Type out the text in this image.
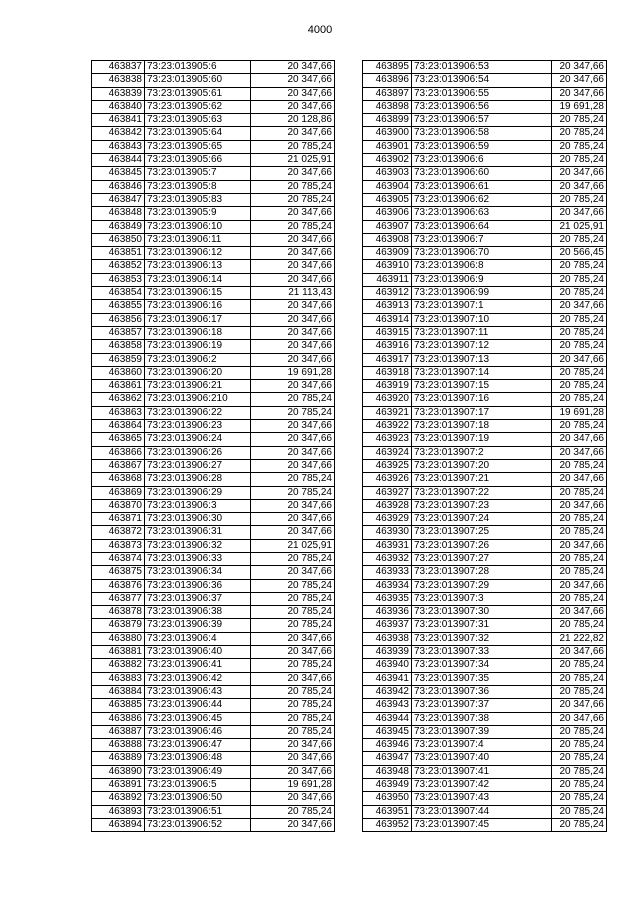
4000
463837	73:23:013905:6	20 347,66
463838	73:23:013905:60	20 347,66
463839	73:23:013905:61	20 347,66
463840	73:23:013905:62	20 347,66
463841	73:23:013905:63	20 128,86
463842	73:23:013905:64	20 347,66
463843	73:23:013905:65	20 785,24
463844	73:23:013905:66	21 025,91
463845	73:23:013905:7	20 347,66
463846	73:23:013905:8	20 785,24
463847	73:23:013905:83	20 785,24
463848	73:23:013905:9	20 347,66
463849	73:23:013906:10	20 785,24
463850	73:23:013906:11	20 347,66
463851	73:23:013906:12	20 347,66
463852	73:23:013906:13	20 347,66
463853	73:23:013906:14	20 347,66
463854	73:23:013906:15	21 113,43
463855	73:23:013906:16	20 347,66
463856	73:23:013906:17	20 347,66
463857	73:23:013906:18	20 347,66
463858	73:23:013906:19	20 347,66
463859	73:23:013906:2	20 347,66
463860	73:23:013906:20	19 691,28
463861	73:23:013906:21	20 347,66
463862	73:23:013906:210	20 785,24
463863	73:23:013906:22	20 785,24
463864	73:23:013906:23	20 347,66
463865	73:23:013906:24	20 347,66
463866	73:23:013906:26	20 347,66
463867	73:23:013906:27	20 347,66
463868	73:23:013906:28	20 785,24
463869	73:23:013906:29	20 785,24
463870	73:23:013906:3	20 347,66
463871	73:23:013906:30	20 347,66
463872	73:23:013906:31	20 347,66
463873	73:23:013906:32	21 025,91
463874	73:23:013906:33	20 785,24
463875	73:23:013906:34	20 347,66
463876	73:23:013906:36	20 785,24
463877	73:23:013906:37	20 785,24
463878	73:23:013906:38	20 785,24
463879	73:23:013906:39	20 785,24
463880	73:23:013906:4	20 347,66
463881	73:23:013906:40	20 347,66
463882	73:23:013906:41	20 785,24
463883	73:23:013906:42	20 347,66
463884	73:23:013906:43	20 785,24
463885	73:23:013906:44	20 785,24
463886	73:23:013906:45	20 785,24
463887	73:23:013906:46	20 785,24
463888	73:23:013906:47	20 347,66
463889	73:23:013906:48	20 347,66
463890	73:23:013906:49	20 347,66
463891	73:23:013906:5	19 691,28
463892	73:23:013906:50	20 347,66
463893	73:23:013906:51	20 785,24
463894	73:23:013906:52	20 347,66
463895	73:23:013906:53	20 347,66
463896	73:23:013906:54	20 347,66
463897	73:23:013906:55	20 347,66
463898	73:23:013906:56	19 691,28
463899	73:23:013906:57	20 785,24
463900	73:23:013906:58	20 785,24
463901	73:23:013906:59	20 785,24
463902	73:23:013906:6	20 785,24
463903	73:23:013906:60	20 347,66
463904	73:23:013906:61	20 347,66
463905	73:23:013906:62	20 785,24
463906	73:23:013906:63	20 347,66
463907	73:23:013906:64	21 025,91
463908	73:23:013906:7	20 785,24
463909	73:23:013906:70	20 566,45
463910	73:23:013906:8	20 785,24
463911	73:23:013906:9	20 785,24
463912	73:23:013906:99	20 785,24
463913	73:23:013907:1	20 347,66
463914	73:23:013907:10	20 785,24
463915	73:23:013907:11	20 785,24
463916	73:23:013907:12	20 785,24
463917	73:23:013907:13	20 347,66
463918	73:23:013907:14	20 785,24
463919	73:23:013907:15	20 785,24
463920	73:23:013907:16	20 785,24
463921	73:23:013907:17	19 691,28
463922	73:23:013907:18	20 785,24
463923	73:23:013907:19	20 347,66
463924	73:23:013907:2	20 347,66
463925	73:23:013907:20	20 785,24
463926	73:23:013907:21	20 347,66
463927	73:23:013907:22	20 785,24
463928	73:23:013907:23	20 347,66
463929	73:23:013907:24	20 785,24
463930	73:23:013907:25	20 785,24
463931	73:23:013907:26	20 347,66
463932	73:23:013907:27	20 785,24
463933	73:23:013907:28	20 785,24
463934	73:23:013907:29	20 347,66
463935	73:23:013907:3	20 785,24
463936	73:23:013907:30	20 347,66
463937	73:23:013907:31	20 785,24
463938	73:23:013907:32	21 222,82
463939	73:23:013907:33	20 347,66
463940	73:23:013907:34	20 785,24
463941	73:23:013907:35	20 785,24
463942	73:23:013907:36	20 785,24
463943	73:23:013907:37	20 347,66
463944	73:23:013907:38	20 347,66
463945	73:23:013907:39	20 785,24
463946	73:23:013907:4	20 785,24
463947	73:23:013907:40	20 785,24
463948	73:23:013907:41	20 785,24
463949	73:23:013907:42	20 785,24
463950	73:23:013907:43	20 785,24
463951	73:23:013907:44	20 785,24
463952	73:23:013907:45	20 785,24
